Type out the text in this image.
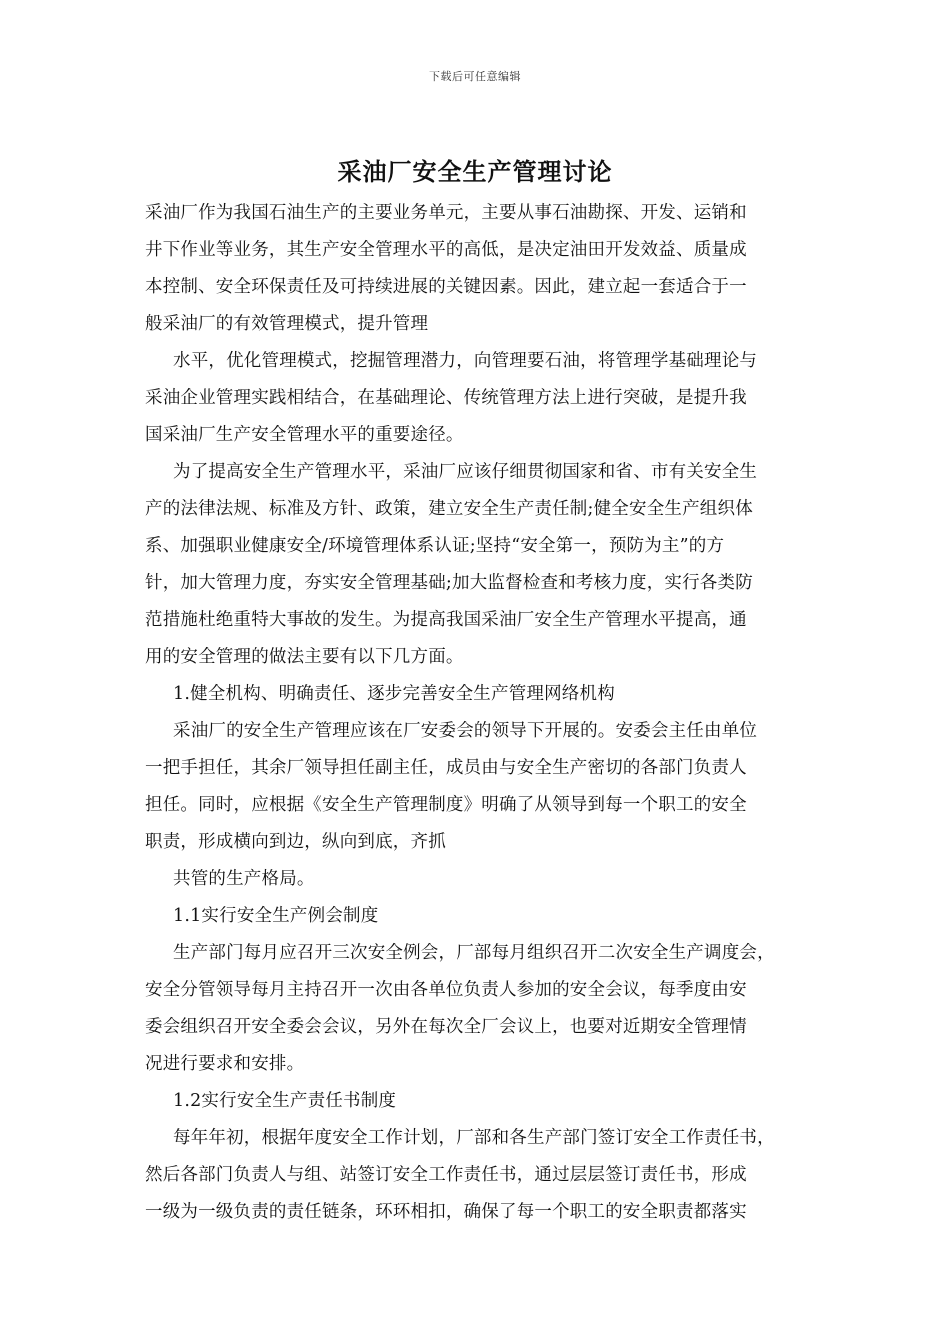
下载后可任意编辑
采油厂安全生产管理讨论
采油厂作为我国石油生产的主要业务单元，主要从事石油勘探、开发、运销和
井下作业等业务，其生产安全管理水平的高低，是决定油田开发效益、质量成
本控制、安全环保责任及可持续进展的关键因素。因此，建立起一套适合于一
般采油厂的有效管理模式，提升管理
水平，优化管理模式，挖掘管理潜力，向管理要石油，将管理学基础理论与
采油企业管理实践相结合，在基础理论、传统管理方法上进行突破，是提升我
国采油厂生产安全管理水平的重要途径。
为了提高安全生产管理水平，采油厂应该仔细贯彻国家和省、市有关安全生
产的法律法规、标准及方针、政策，建立安全生产责任制;健全安全生产组织体
系、加强职业健康安全/环境管理体系认证;坚持“安全第一，预防为主”的方
针，加大管理力度，夯实安全管理基础;加大监督检查和考核力度，实行各类防
范措施杜绝重特大事故的发生。为提高我国采油厂安全生产管理水平提高，通
用的安全管理的做法主要有以下几方面。
1.健全机构、明确责任、逐步完善安全生产管理网络机构
采油厂的安全生产管理应该在厂安委会的领导下开展的。安委会主任由单位
一把手担任，其余厂领导担任副主任，成员由与安全生产密切的各部门负责人
担任。同时，应根据《安全生产管理制度》明确了从领导到每一个职工的安全
职责，形成横向到边，纵向到底，齐抓
共管的生产格局。
1.1实行安全生产例会制度
生产部门每月应召开三次安全例会，厂部每月组织召开二次安全生产调度会，
安全分管领导每月主持召开一次由各单位负责人参加的安全会议，每季度由安
委会组织召开安全委会会议，另外在每次全厂会议上，也要对近期安全管理情
况进行要求和安排。
1.2实行安全生产责任书制度
每年年初，根据年度安全工作计划，厂部和各生产部门签订安全工作责任书，
然后各部门负责人与组、站签订安全工作责任书，通过层层签订责任书，形成
一级为一级负责的责任链条，环环相扣，确保了每一个职工的安全职责都落实
